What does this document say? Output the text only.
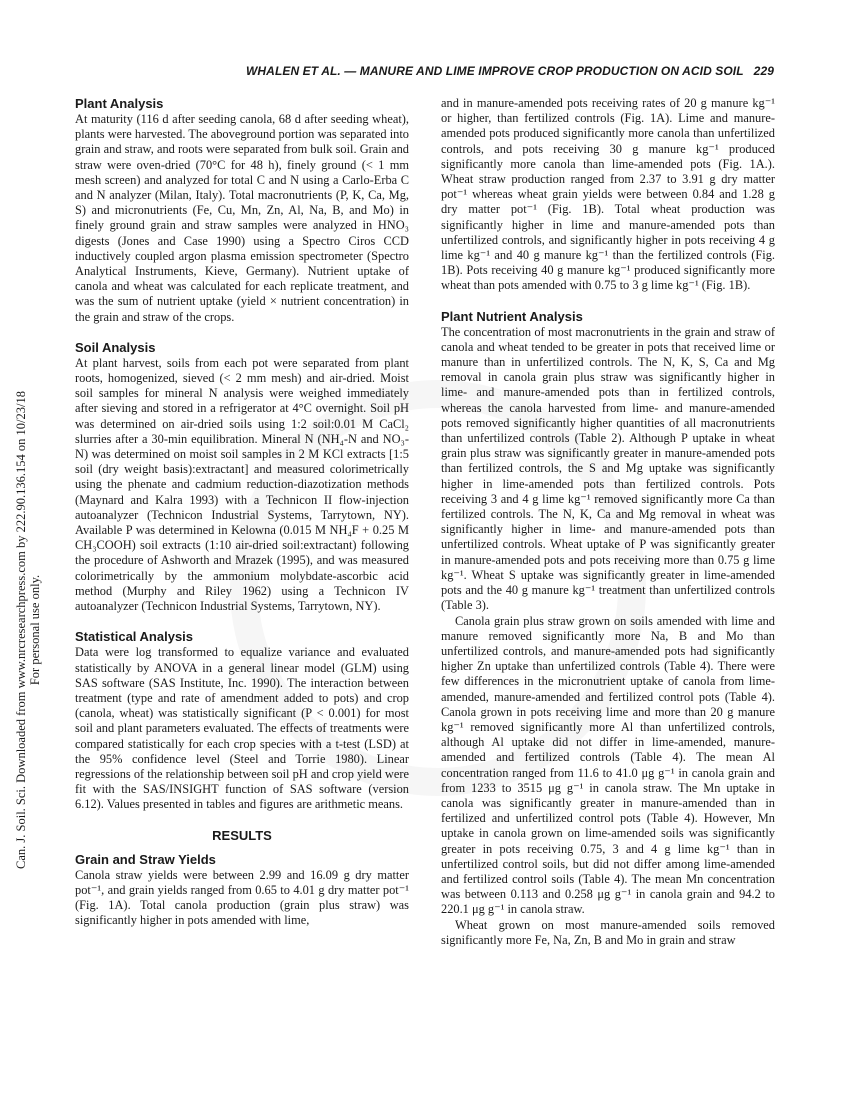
WHALEN ET AL. — MANURE AND LIME IMPROVE CROP PRODUCTION ON ACID SOIL 229
Can. J. Soil. Sci. Downloaded from www.nrcresearchpress.com by 222.90.136.154 on 10/23/18 For personal use only.
Plant Analysis

At maturity (116 d after seeding canola, 68 d after seeding wheat), plants were harvested. The aboveground portion was separated into grain and straw, and roots were separated from bulk soil. Grain and straw were oven-dried (70°C for 48 h), finely ground (< 1 mm mesh screen) and analyzed for total C and N using a Carlo-Erba C and N analyzer (Milan, Italy). Total macronutrients (P, K, Ca, Mg, S) and micronutrients (Fe, Cu, Mn, Zn, Al, Na, B, and Mo) in finely ground grain and straw samples were analyzed in HNO₃ digests (Jones and Case 1990) using a Spectro Ciros CCD inductively coupled argon plasma emission spectrometer (Spectro Analytical Instruments, Kieve, Germany). Nutrient uptake of canola and wheat was calculated for each replicate treatment, and was the sum of nutrient uptake (yield × nutrient concentration) in the grain and straw of the crops.

Soil Analysis

At plant harvest, soils from each pot were separated from plant roots, homogenized, sieved (< 2 mm mesh) and air-dried. Moist soil samples for mineral N analysis were weighed immediately after sieving and stored in a refrigerator at 4°C overnight. Soil pH was determined on air-dried soils using 1:2 soil:0.01 M CaCl₂ slurries after a 30-min equilibration. Mineral N (NH₄-N and NO₃-N) was determined on moist soil samples in 2 M KCl extracts [1:5 soil (dry weight basis):extractant] and measured colorimetrically using the phenate and cadmium reduction-diazotization methods (Maynard and Kalra 1993) with a Technicon II flow-injection autoanalyzer (Technicon Industrial Systems, Tarrytown, NY). Available P was determined in Kelowna (0.015 M NH₄F + 0.25 M CH₃COOH) soil extracts (1:10 air-dried soil:extractant) following the procedure of Ashworth and Mrazek (1995), and was measured colorimetrically by the ammonium molybdate-ascorbic acid method (Murphy and Riley 1962) using a Technicon IV autoanalyzer (Technicon Industrial Systems, Tarrytown, NY).

Statistical Analysis

Data were log transformed to equalize variance and evaluated statistically by ANOVA in a general linear model (GLM) using SAS software (SAS Institute, Inc. 1990). The interaction between treatment (type and rate of amendment added to pots) and crop (canola, wheat) was statistically significant (P < 0.001) for most soil and plant parameters evaluated. The effects of treatments were compared statistically for each crop species with a t-test (LSD) at the 95% confidence level (Steel and Torrie 1980). Linear regressions of the relationship between soil pH and crop yield were fit with the SAS/INSIGHT function of SAS software (version 6.12). Values presented in tables and figures are arithmetic means.

RESULTS
Grain and Straw Yields

Canola straw yields were between 2.99 and 16.09 g dry matter pot⁻¹, and grain yields ranged from 0.65 to 4.01 g dry matter pot⁻¹ (Fig. 1A). Total canola production (grain plus straw) was significantly higher in pots amended with lime,

and in manure-amended pots receiving rates of 20 g manure kg⁻¹ or higher, than fertilized controls (Fig. 1A). Lime and manure-amended pots produced significantly more canola than unfertilized controls, and pots receiving 30 g manure kg⁻¹ produced significantly more canola than lime-amended pots (Fig. 1A.). Wheat straw production ranged from 2.37 to 3.91 g dry matter pot⁻¹ whereas wheat grain yields were between 0.84 and 1.28 g dry matter pot⁻¹ (Fig. 1B). Total wheat production was significantly higher in lime and manure-amended pots than unfertilized controls, and significantly higher in pots receiving 4 g lime kg⁻¹ and 40 g manure kg⁻¹ than the fertilized controls (Fig. 1B). Pots receiving 40 g manure kg⁻¹ produced significantly more wheat than pots amended with 0.75 to 3 g lime kg⁻¹ (Fig. 1B).

Plant Nutrient Analysis

The concentration of most macronutrients in the grain and straw of canola and wheat tended to be greater in pots that received lime or manure than in unfertilized controls. The N, K, S, Ca and Mg removal in canola grain plus straw was significantly higher in lime- and manure-amended pots than in fertilized controls, whereas the canola harvested from lime- and manure-amended pots removed significantly higher quantities of all macronutrients than unfertilized controls (Table 2). Although P uptake in wheat grain plus straw was significantly greater in manure-amended pots than fertilized controls, the S and Mg uptake was significantly higher in lime-amended pots than fertilized controls. Pots receiving 3 and 4 g lime kg⁻¹ removed significantly more Ca than fertilized controls. The N, K, Ca and Mg removal in wheat was significantly higher in lime- and manure-amended pots than unfertilized controls. Wheat uptake of P was significantly greater in manure-amended pots and pots receiving more than 0.75 g lime kg⁻¹. Wheat S uptake was significantly greater in lime-amended pots and the 40 g manure kg⁻¹ treatment than unfertilized controls (Table 3).

Canola grain plus straw grown on soils amended with lime and manure removed significantly more Na, B and Mo than unfertilized controls, and manure-amended pots had significantly higher Zn uptake than unfertilized controls (Table 4). There were few differences in the micronutrient uptake of canola from lime-amended, manure-amended and fertilized control pots (Table 4). Canola grown in pots receiving lime and more than 20 g manure kg⁻¹ removed significantly more Al than unfertilized controls, although Al uptake did not differ in lime-amended, manure-amended and fertilized controls (Table 4). The mean Al concentration ranged from 11.6 to 41.0 μg g⁻¹ in canola grain and from 1233 to 3515 μg g⁻¹ in canola straw. The Mn uptake in canola was significantly greater in manure-amended than in fertilized and unfertilized control pots (Table 4). However, Mn uptake in canola grown on lime-amended soils was significantly greater in pots receiving 0.75, 3 and 4 g lime kg⁻¹ than in unfertilized control soils, but did not differ among lime-amended and fertilized control soils (Table 4). The mean Mn concentration was between 0.113 and 0.258 μg g⁻¹ in canola grain and 94.2 to 220.1 μg g⁻¹ in canola straw.

Wheat grown on most manure-amended soils removed significantly more Fe, Na, Zn, B and Mo in grain and straw
